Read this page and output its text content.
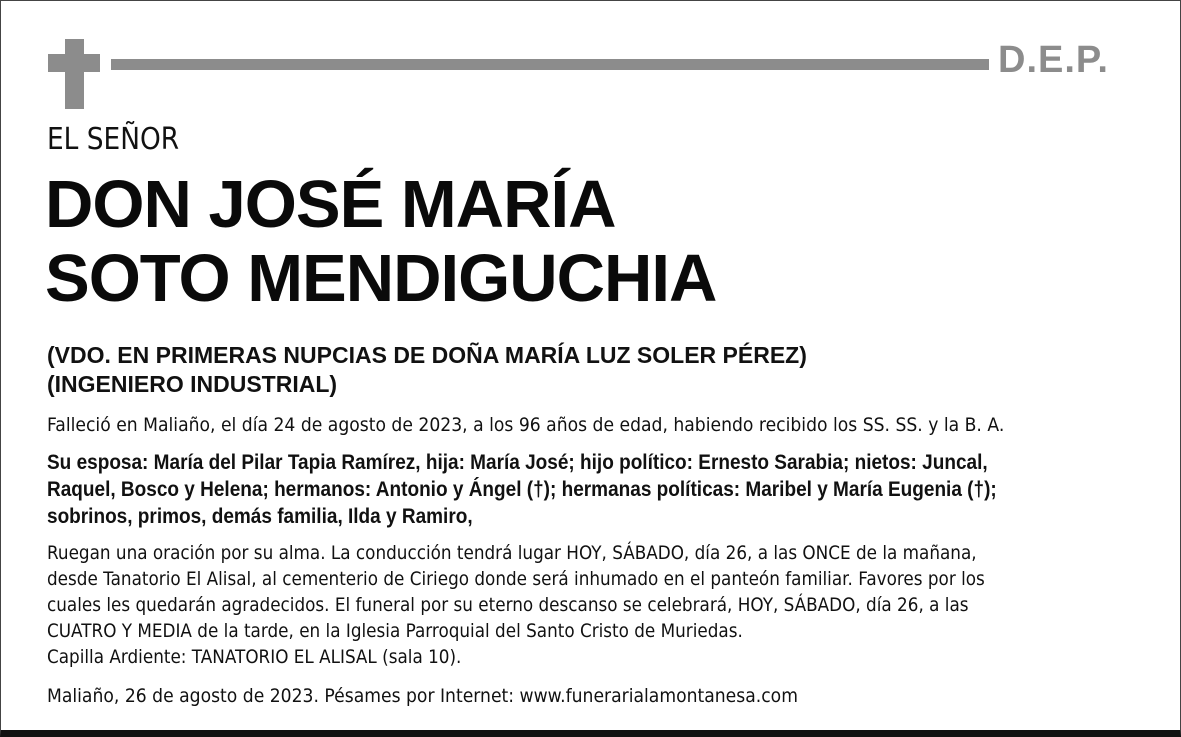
D.E.P.
EL SEÑOR
DON JOSÉ MARÍA
SOTO MENDIGUCHIA
(VDO. EN PRIMERAS NUPCIAS DE DOÑA MARÍA LUZ SOLER PÉREZ)
(INGENIERO INDUSTRIAL)
Falleció en Maliaño, el día 24 de agosto de 2023, a los 96 años de edad, habiendo recibido los SS. SS. y la B. A.
Su esposa: María del Pilar Tapia Ramírez, hija: María José; hijo político: Ernesto Sarabia; nietos: Juncal,
Raquel, Bosco y Helena; hermanos: Antonio y Ángel (†); hermanas políticas: Maribel y María Eugenia (†);
sobrinos, primos, demás familia, Ilda y Ramiro,
Ruegan una oración por su alma. La conducción tendrá lugar HOY, SÁBADO, día 26, a las ONCE de la mañana,
desde Tanatorio El Alisal, al cementerio de Ciriego donde será inhumado en el panteón familiar. Favores por los
cuales les quedarán agradecidos. El funeral por su eterno descanso se celebrará, HOY, SÁBADO, día 26, a las
CUATRO Y MEDIA de la tarde, en la Iglesia Parroquial del Santo Cristo de Muriedas.
Capilla Ardiente: TANATORIO EL ALISAL (sala 10).
Maliaño, 26 de agosto de 2023. Pésames por Internet: www.funerarialamontanesa.com
